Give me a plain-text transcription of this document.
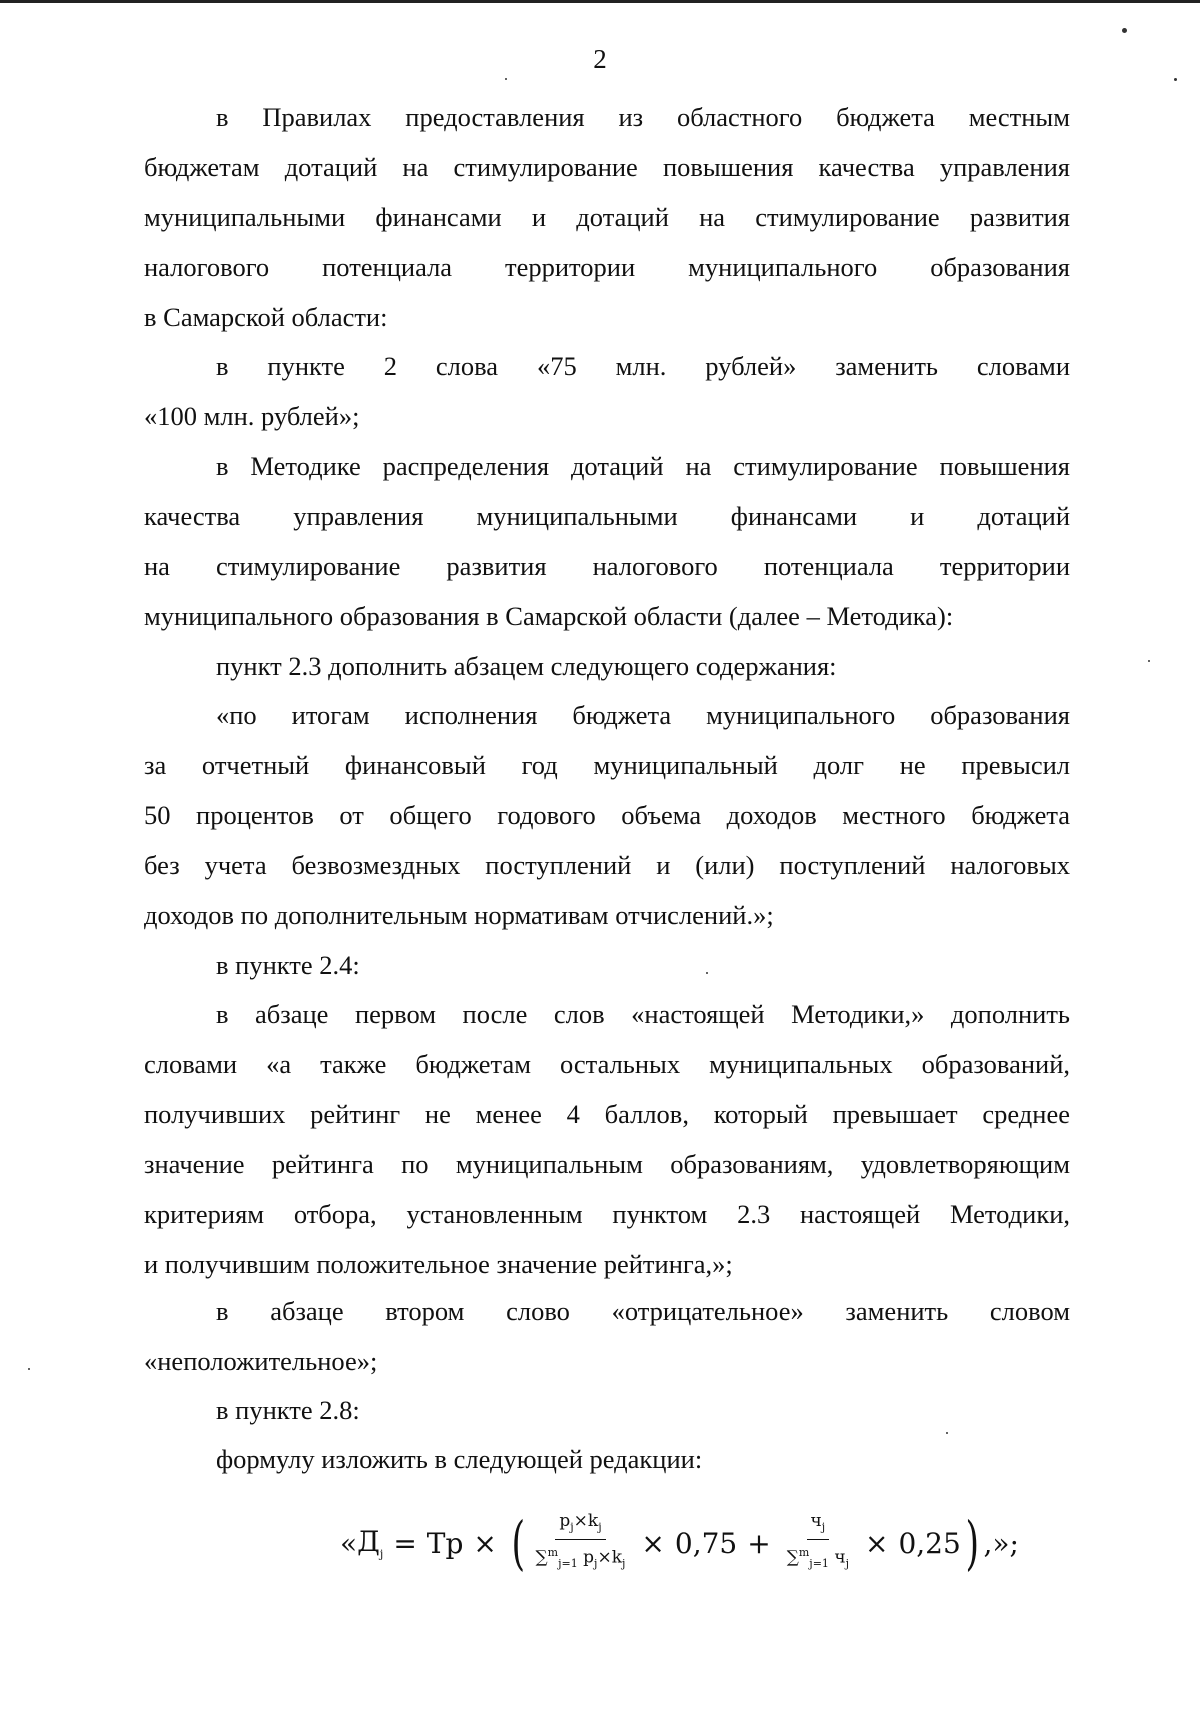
2
в Правилах предоставления из областного бюджета местным
бюджетам дотаций на стимулирование повышения качества управления
муниципальными финансами и дотаций на стимулирование развития
налогового потенциала территории муниципального образования
в Самарской области:
в пункте 2 слова «75 млн. рублей» заменить словами
«100 млн. рублей»;
в Методике распределения дотаций на стимулирование повышения
качества управления муниципальными финансами и дотаций
на стимулирование развития налогового потенциала территории
муниципального образования в Самарской области (далее – Методика):
пункт 2.3 дополнить абзацем следующего содержания:
«по итогам исполнения бюджета муниципального образования
за отчетный финансовый год муниципальный долг не превысил
50 процентов от общего годового объема доходов местного бюджета
без учета безвозмездных поступлений и (или) поступлений налоговых
доходов по дополнительным нормативам отчислений.»;
в пункте 2.4:
в абзаце первом после слов «настоящей Методики,» дополнить
словами «а также бюджетам остальных муниципальных образований,
получивших рейтинг не менее 4 баллов, который превышает среднее
значение рейтинга по муниципальным образованиям, удовлетворяющим
критериям отбора, установленным пунктом 2.3 настоящей Методики,
и получившим положительное значение рейтинга,»;
в абзаце втором слово «отрицательное» заменить словом
«неположительное»;
в пункте 2.8:
формулу изложить в следующей редакции:
« $Д_j$ = Тр × ( $\frac{p_j\times k_j}{\sum^m_{j=1} p_j\times k_j} \times 0,75 + \frac{ч_j}{\sum^m_{j=1} ч_j} \times 0,25$ ) ,»;
